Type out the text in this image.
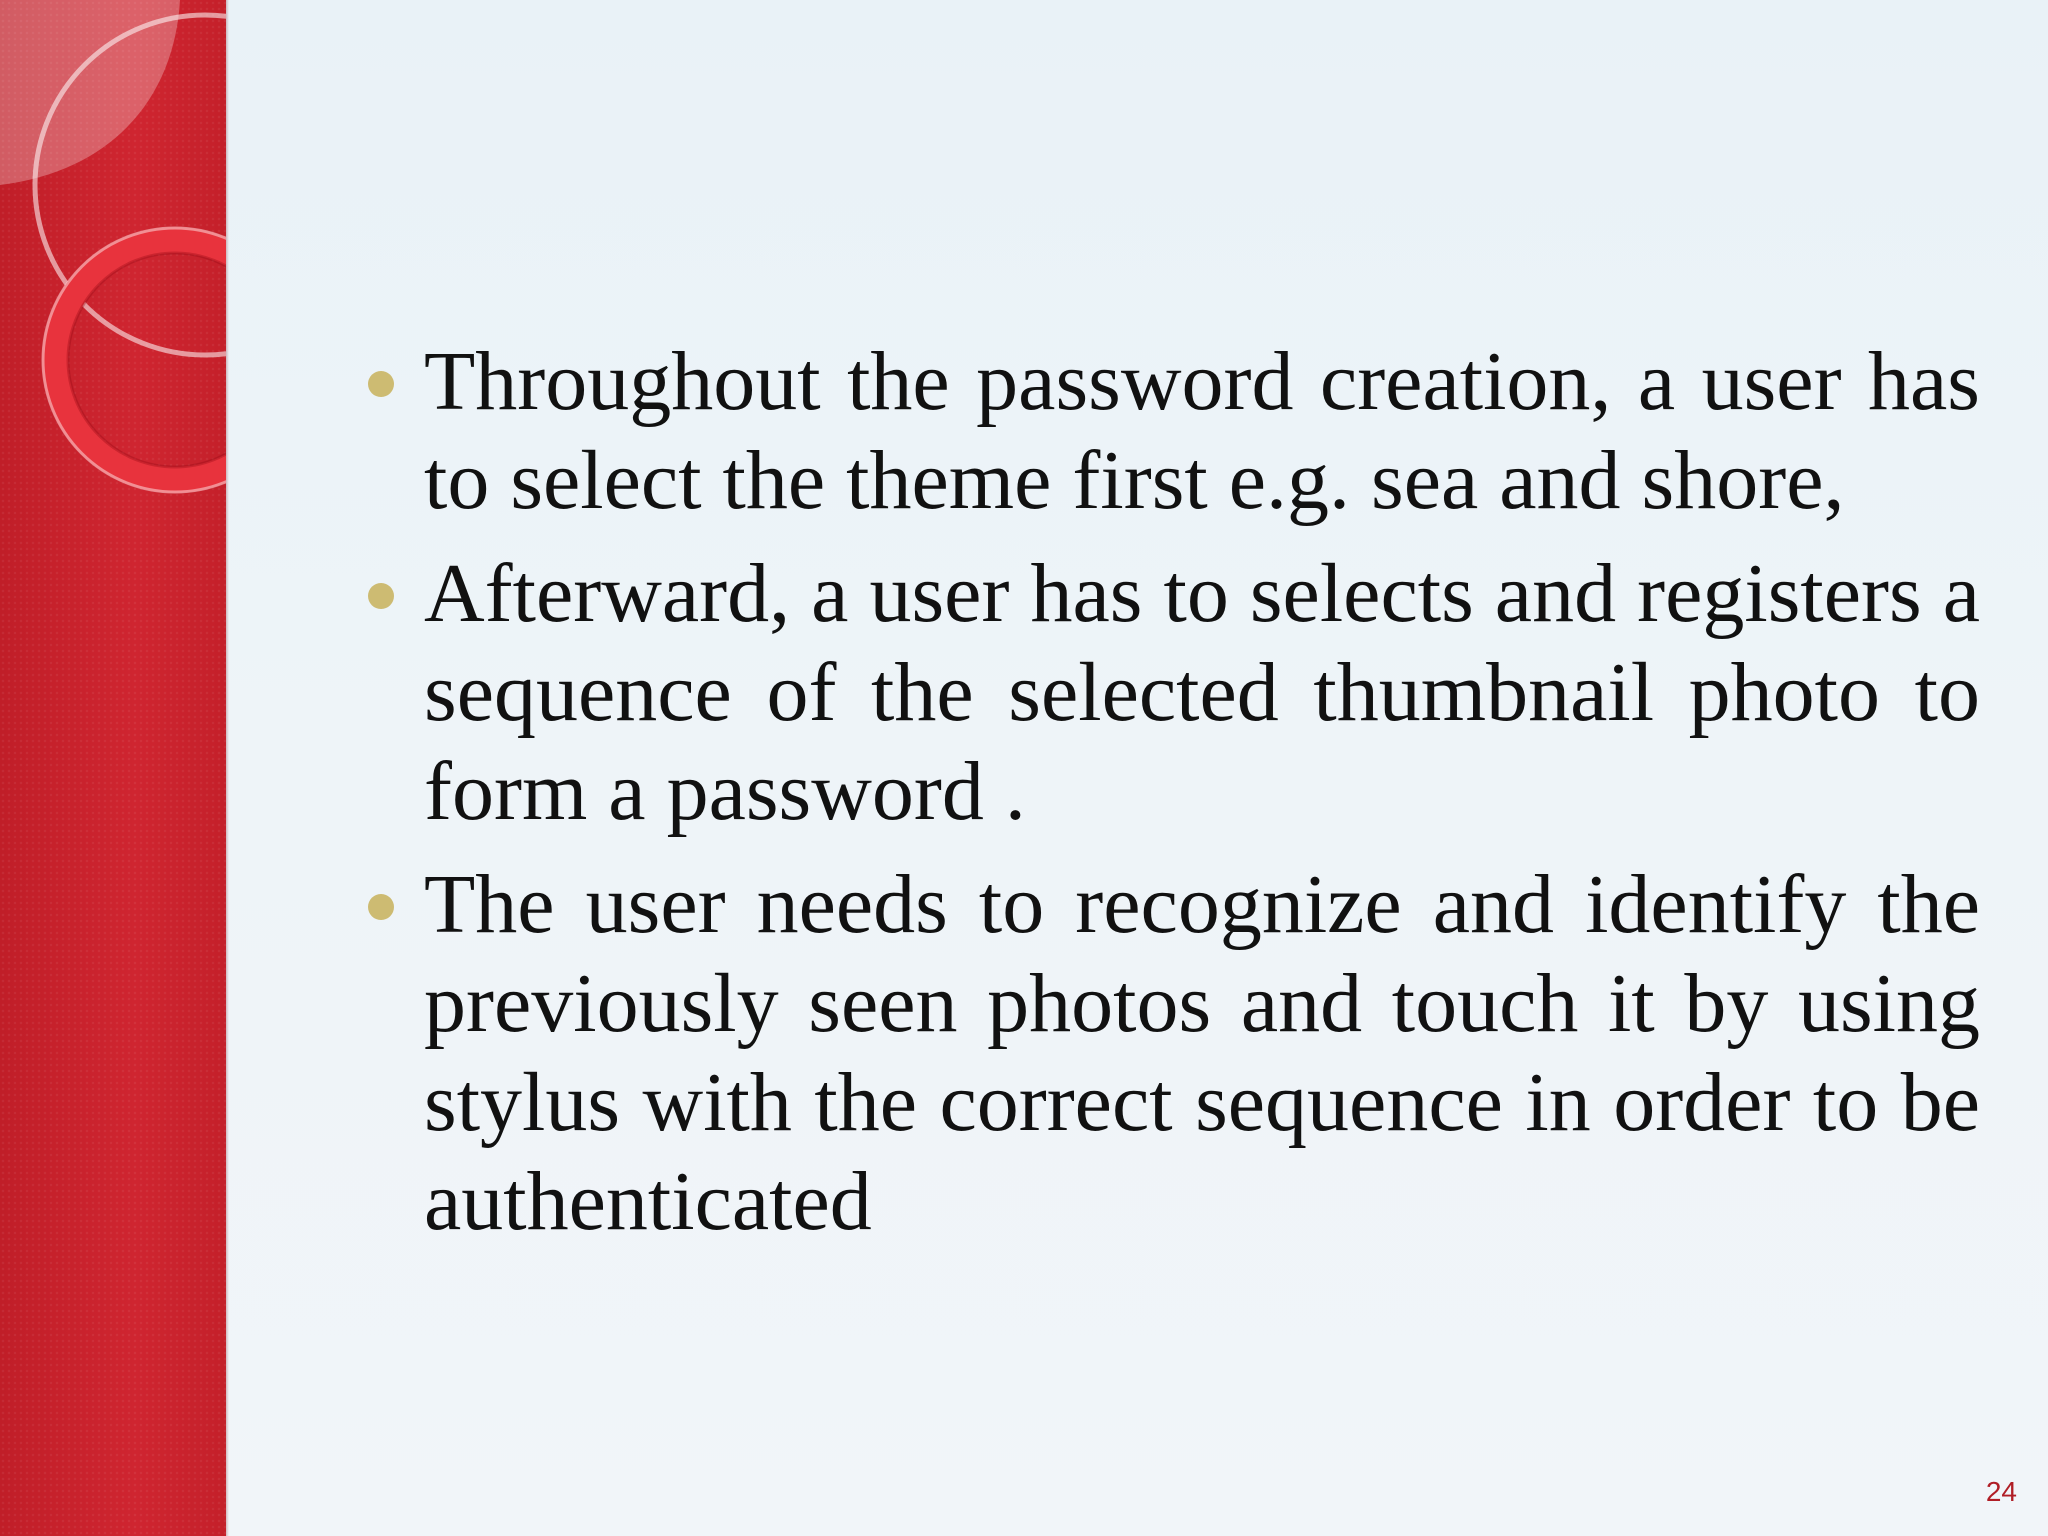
Throughout the password creation, a user has to select the theme first e.g. sea and shore,
Afterward, a user has to selects and registers a sequence of the selected thumbnail photo to form a password .
The user needs to recognize and identify the previously seen photos and touch it by using stylus with the correct sequence in order to be authenticated
24
